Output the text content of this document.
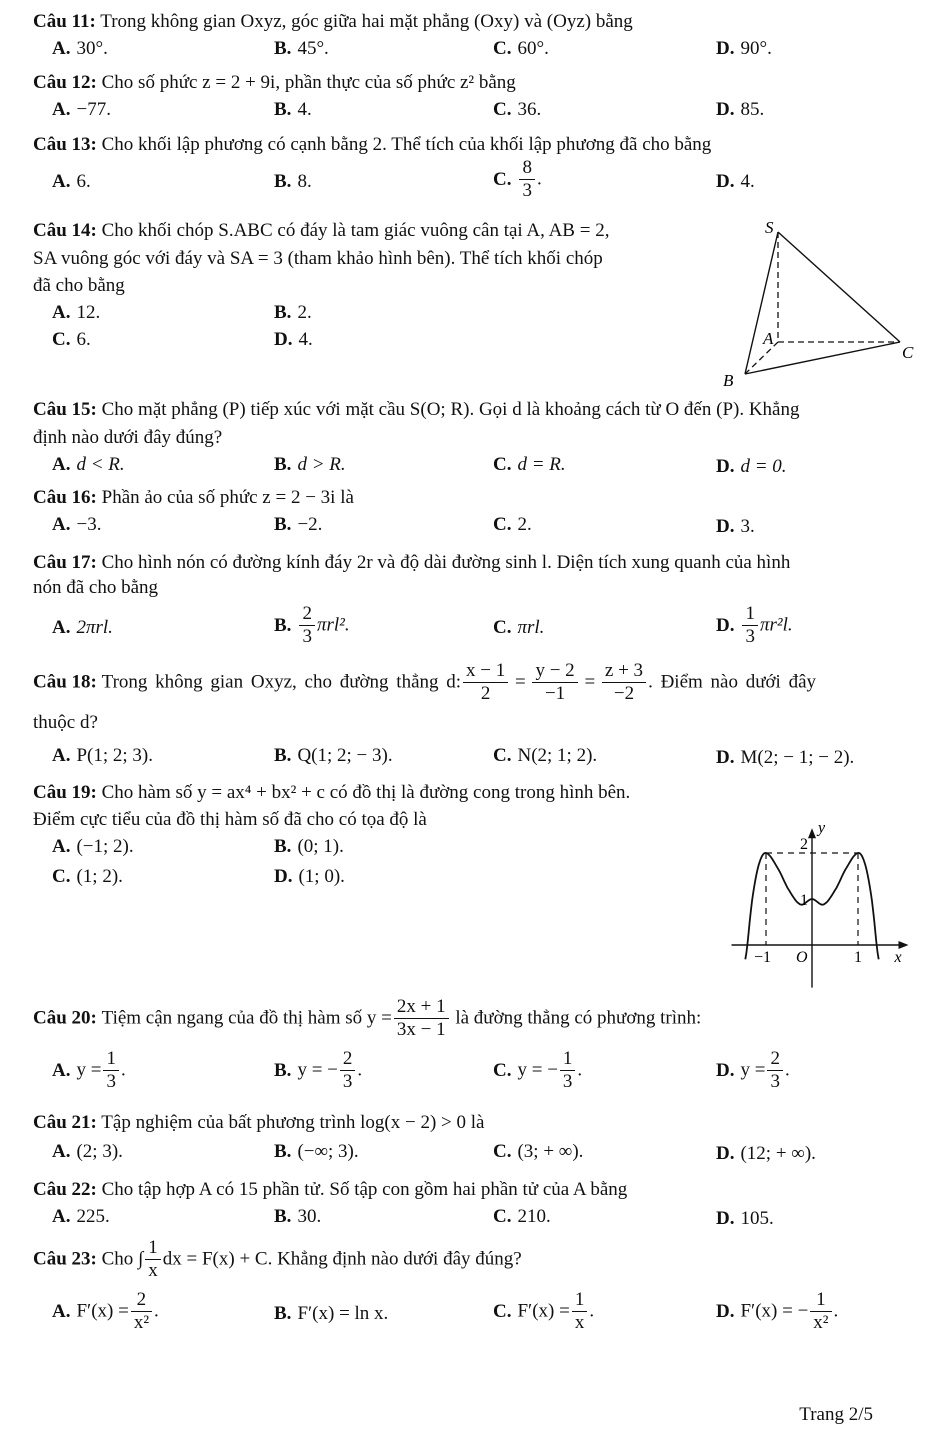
Câu 11: Trong không gian Oxyz, góc giữa hai mặt phẳng (Oxy) và (Oyz) bằng
A. 30°.	B. 45°.	C. 60°.	D. 90°.
Câu 12: Cho số phức z = 2 + 9i, phần thực của số phức z² bằng
A. −77.	B. 4.	C. 36.	D. 85.
Câu 13: Cho khối lập phương có cạnh bằng 2. Thể tích của khối lập phương đã cho bằng
A. 6.	B. 8.	C. $\frac{8}{3}$ .	D. 4.
Câu 14: Cho khối chóp S.ABC có đáy là tam giác vuông cân tại A, AB = 2,
SA vuông góc với đáy và SA = 3 (tham khảo hình bên). Thể tích khối chóp
đã cho bằng
A. 12.	B. 2.
C. 6.	D. 4.
S
A
B
C
Câu 15: Cho mặt phẳng (P) tiếp xúc với mặt cầu S(O; R). Gọi d là khoảng cách từ O đến (P). Khẳng
định nào dưới đây đúng?
A. d < R.	B. d > R.	C. d = R.	D. d = 0.
Câu 16: Phần ảo của số phức z = 2 − 3i là
A. −3.	B. −2.	C. 2.	D. 3.
Câu 17: Cho hình nón có đường kính đáy 2r và độ dài đường sinh l. Diện tích xung quanh của hình
nón đã cho bằng
A. 2πrl.	B. $\frac{2}{3} \pi rl^2$.	C. πrl.	D. $\frac{1}{3} \pi r^2l$.
Câu 18: Trong không gian Oxyz, cho đường thẳng d: $\frac{x - 1}{2} = \frac{y - 2}{-1} = \frac{z + 3}{-2}$ . Điểm nào dưới đây
thuộc d?
A. P(1; 2; 3).	B. Q(1; 2; − 3).	C. N(2; 1; 2).	D. M(2; − 1; − 2).
Câu 19: Cho hàm số y = ax⁴ + bx² + c có đồ thị là đường cong trong hình bên.
Điểm cực tiểu của đồ thị hàm số đã cho có tọa độ là
A. (−1; 2).	B. (0; 1).
C. (1; 2).	D. (1; 0).
−1 O	1
1
2
x
y
Câu 20: Tiệm cận ngang của đồ thị hàm số $y = \frac{2x + 1}{3x - 1}$ là đường thẳng có phương trình:
A. $y = \frac{1}{3}$ .	B. y = − $\frac{2}{3}$ .	C. y = − $\frac{1}{3}$ .	D. $y = \frac{2}{3}$ .
Câu 21: Tập nghiệm của bất phương trình log(x − 2) > 0 là
A. (2; 3).	B. (−∞; 3).	C. (3; + ∞).	D. (12; + ∞).
Câu 22: Cho tập hợp A có 15 phần tử. Số tập con gồm hai phần tử của A bằng
A. 225.	B. 30.	C. 210.	D. 105.
Câu 23: Cho ∫ $\frac{1}{x}$ dx = F(x) + C. Khẳng định nào dưới đây đúng?
A. $F'(x) = \frac{2}{\text{x²}}$ .	B. F′(x) = ln x.	C. $F'(x) = \frac{1}{x}$ .	D. F′(x) = − $\frac{1}{\text{x²}}$ .
Trang 2/5
